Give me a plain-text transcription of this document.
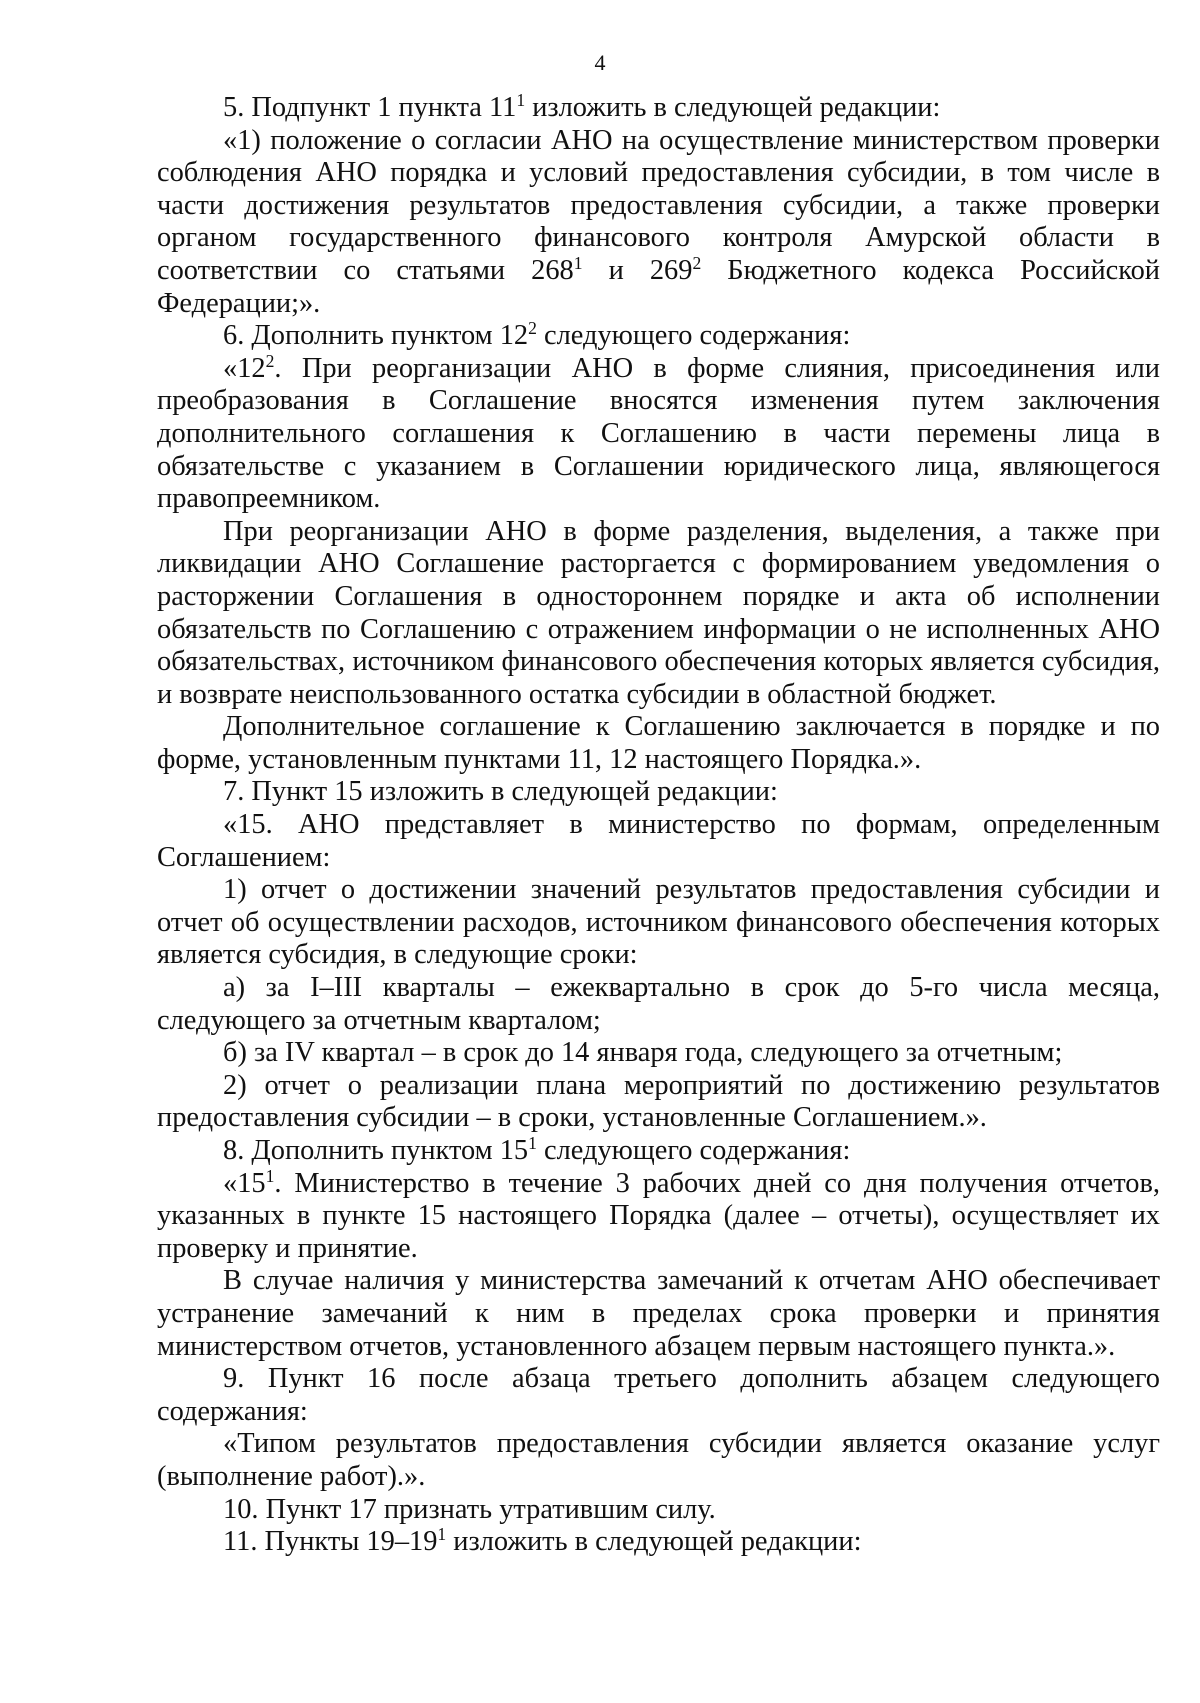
4

5. Подпункт 1 пункта $11^1$ изложить в следующей редакции:

«1) положение о согласии АНО на осуществление министерством проверки соблюдения АНО порядка и условий предоставления субсидии, в том числе в части достижения результатов предоставления субсидии, а также проверки органом государственного финансового контроля Амурской области в соответствии со статьями $268^1$ и $269^2$ Бюджетного кодекса Российской Федерации;».

6. Дополнить пунктом $12^2$ следующего содержания:

«$12^2$. При реорганизации АНО в форме слияния, присоединения или преобразования в Соглашение вносятся изменения путем заключения дополнительного соглашения к Соглашению в части перемены лица в обязательстве с указанием в Соглашении юридического лица, являющегося правопреемником.

При реорганизации АНО в форме разделения, выделения, а также при ликвидации АНО Соглашение расторгается с формированием уведомления о расторжении Соглашения в одностороннем порядке и акта об исполнении обязательств по Соглашению с отражением информации о не исполненных АНО обязательствах, источником финансового обеспечения которых является субсидия, и возврате неиспользованного остатка субсидии в областной бюджет.

Дополнительное соглашение к Соглашению заключается в порядке и по форме, установленным пунктами 11, 12 настоящего Порядка.».

7. Пункт 15 изложить в следующей редакции:

«15. АНО представляет в министерство по формам, определенным Соглашением:

1) отчет о достижении значений результатов предоставления субсидии и отчет об осуществлении расходов, источником финансового обеспечения которых является субсидия, в следующие сроки:

а) за I–III кварталы – ежеквартально в срок до 5-го числа месяца, следующего за отчетным кварталом;

б) за IV квартал – в срок до 14 января года, следующего за отчетным;

2) отчет о реализации плана мероприятий по достижению результатов предоставления субсидии – в сроки, установленные Соглашением.».

8. Дополнить пунктом $15^1$ следующего содержания:

«$15^1$. Министерство в течение 3 рабочих дней со дня получения отчетов, указанных в пункте 15 настоящего Порядка (далее – отчеты), осуществляет их проверку и принятие.

В случае наличия у министерства замечаний к отчетам АНО обеспечивает устранение замечаний к ним в пределах срока проверки и принятия министерством отчетов, установленного абзацем первым настоящего пункта.».

9. Пункт 16 после абзаца третьего дополнить абзацем следующего содержания:

«Типом результатов предоставления субсидии является оказание услуг (выполнение работ).».

10. Пункт 17 признать утратившим силу.

11. Пункты $19-19^1$ изложить в следующей редакции:
